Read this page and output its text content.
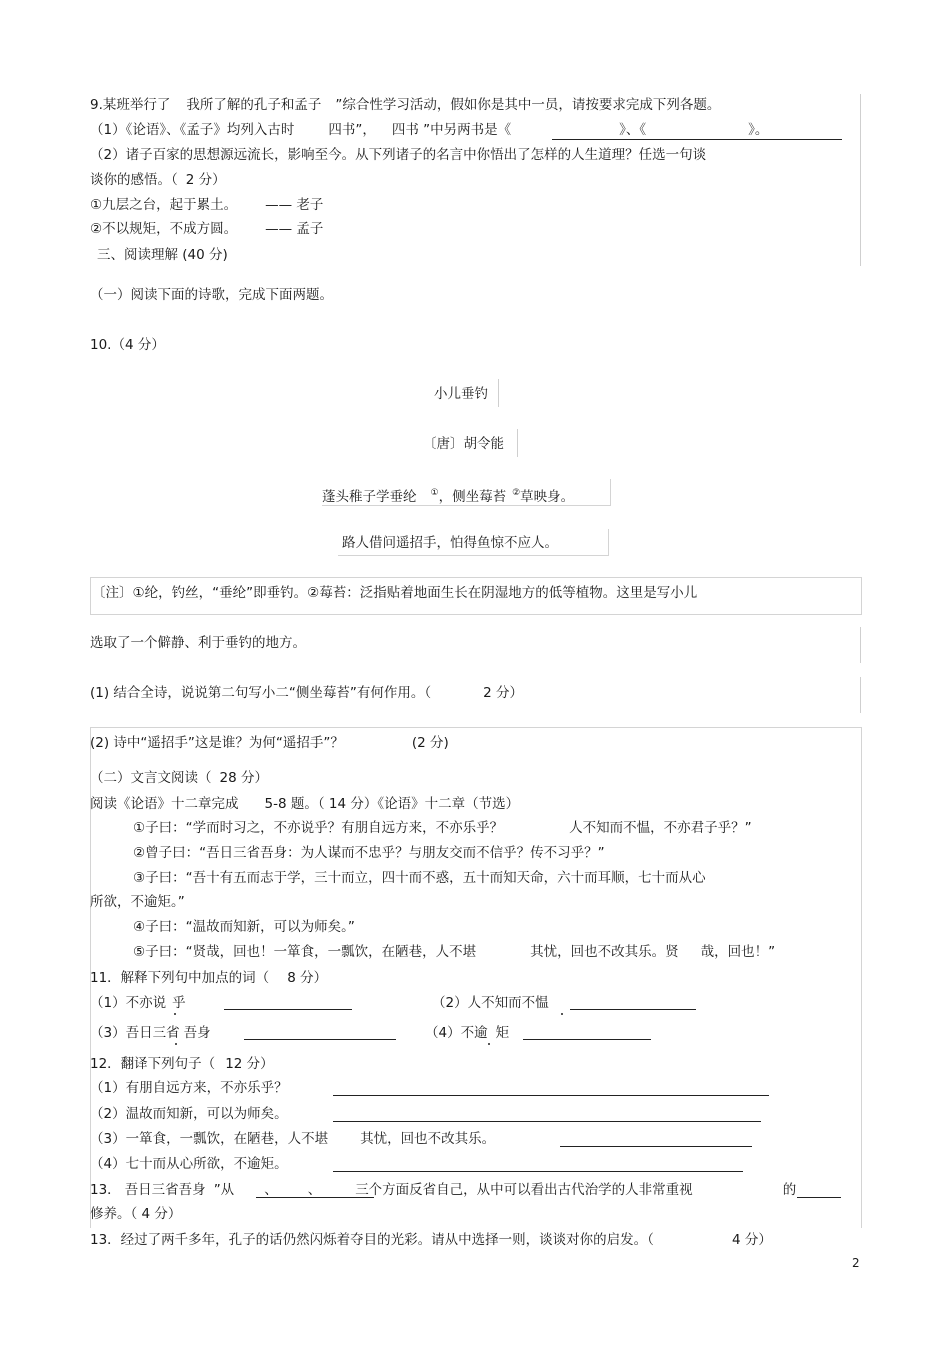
9.某班举行了 我所了解的孔子和孟子 ”综合性学习活动，假如你是其中一员，请按要求完成下列各题。
（1）《论语》、《孟子》均列入古时	四书”， 四书 ”中另两书是《	》、《	》。
（2）诸子百家的思想源远流长，影响至今。从下列诸子的名言中你悟出了怎样的人生道理？任选一句谈
谈你的感悟。（ 2 分）
①九层之台，起于累土。 —— 老子
②不以规矩，不成方圆。 —— 孟子
三、阅读理解 (40 分)
（一）阅读下面的诗歌，完成下面两题。
10.（4 分）
小儿垂钓
〔唐〕胡令能
蓬头稚子学垂纶 ①，侧坐莓苔 ②草映身。
路人借问遥招手，怕得鱼惊不应人。
〔注〕①纶，钓丝，“垂纶”即垂钓。②莓苔：泛指贴着地面生长在阴湿地方的低等植物。这里是写小儿
选取了一个僻静、利于垂钓的地方。
(1) 结合全诗，说说第二句写小二“侧坐莓苔”有何作用。（	2 分）
(2) 诗中“遥招手”这是谁？为何“遥招手”？	(2 分)
（二）文言文阅读（ 28 分）
阅读《论语》十二章完成 5-8 题。（ 14 分）《论语》十二章（节选）
①子曰：“学而时习之，不亦说乎？有朋自远方来，不亦乐乎？	人不知而不愠，不亦君子乎？”
②曾子曰：“吾日三省吾身：为人谋而不忠乎？与朋友交而不信乎？传不习乎？”
③子曰：“吾十有五而志于学，三十而立，四十而不惑，五十而知天命，六十而耳顺，七十而从心
所欲，不逾矩。”
④子曰：“温故而知新，可以为师矣。”
⑤子曰：“贤哉，回也！一箪食，一瓢饮，在陋巷，人不堪	其忧，回也不改其乐。贤 哉，回也！”
11．解释下列句中加点的词（ 8 分）
（1）不亦说 乎	（2）人不知而不愠
（3）吾日三省 吾身	（4）不逾 矩
12．翻译下列句子（ 12 分）
（1）有朋自远方来，不亦乐乎？
（2）温故而知新，可以为师矣。
（3）一箪食，一瓢饮，在陋巷，人不堪 其忧，回也不改其乐。
（4）七十而从心所欲，不逾矩。
13． 吾日三省吾身 ”从 、 、	三个方面反省自己，从中可以看出古代治学的人非常重视	的
修养。（ 4 分）
13．经过了两千多年，孔子的话仍然闪烁着夺目的光彩。请从中选择一则，谈谈对你的启发。（	4 分）
2
